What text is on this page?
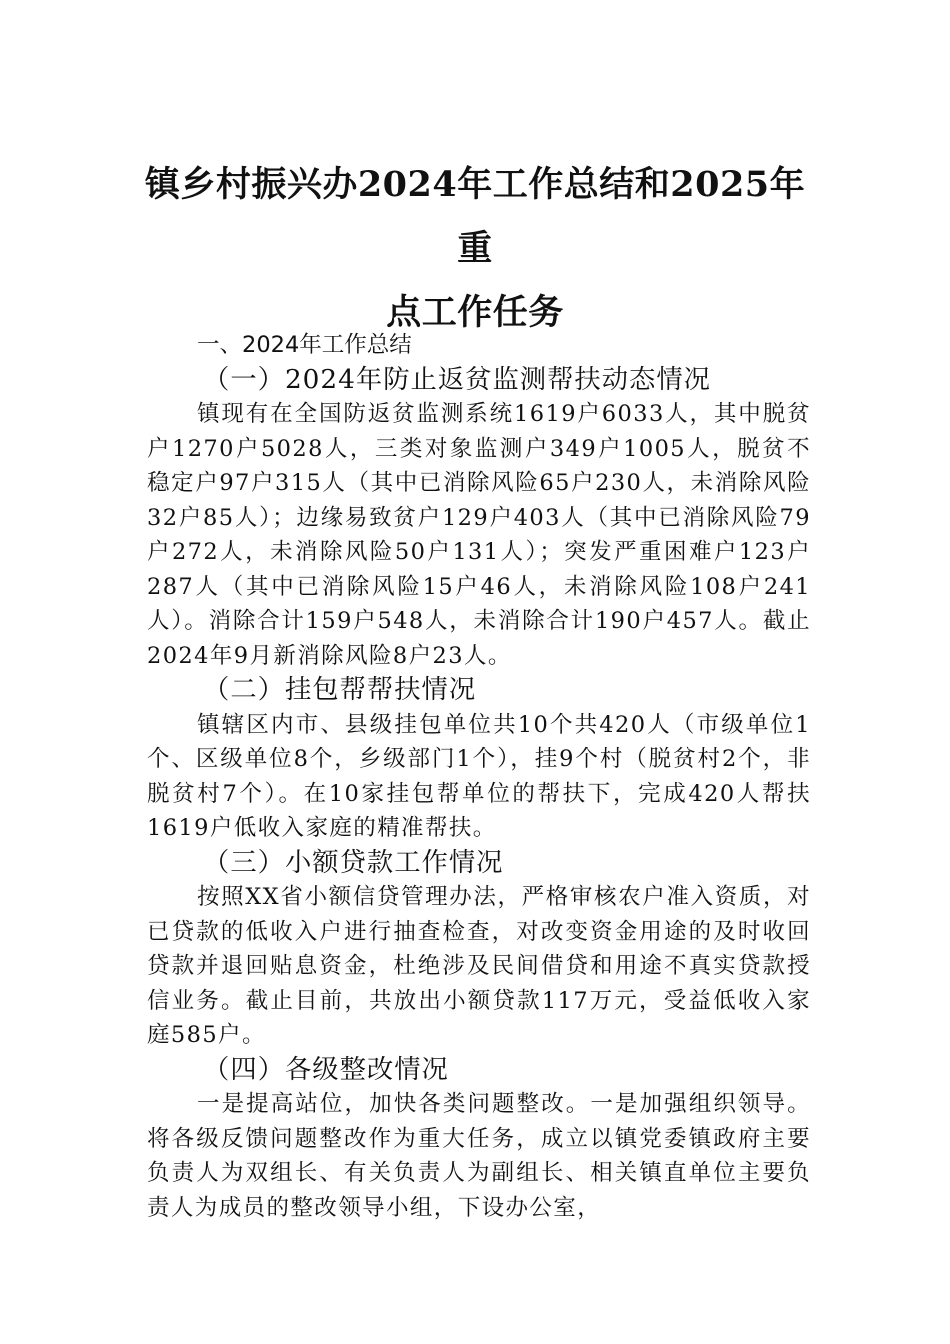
镇乡村振兴办2024年工作总结和2025年重
点工作任务
一、2024年工作总结
（一）2024年防止返贫监测帮扶动态情况

镇现有在全国防返贫监测系统1619户6033人，其中脱贫户1270户5028人，三类对象监测户349户1005人，脱贫不稳定户97户315人（其中已消除风险65户230人，未消除风险32户85人）；边缘易致贫户129户403人（其中已消除风险79户272人，未消除风险50户131人）；突发严重困难户123户287人（其中已消除风险15户46人，未消除风险108户241人）。消除合计159户548人，未消除合计190户457人。截止2024年9月新消除风险8户23人。

（二）挂包帮帮扶情况

镇辖区内市、县级挂包单位共10个共420人（市级单位1个、区级单位8个，乡级部门1个），挂9个村（脱贫村2个，非脱贫村7个）。在10家挂包帮单位的帮扶下，完成420人帮扶1619户低收入家庭的精准帮扶。

（三）小额贷款工作情况

按照XX省小额信贷管理办法，严格审核农户准入资质，对已贷款的低收入户进行抽查检查，对改变资金用途的及时收回贷款并退回贴息资金，杜绝涉及民间借贷和用途不真实贷款授信业务。截止目前，共放出小额贷款117万元，受益低收入家庭585户。

（四）各级整改情况

一是提高站位，加快各类问题整改。一是加强组织领导。将各级反馈问题整改作为重大任务，成立以镇党委镇政府主要负责人为双组长、有关负责人为副组长、相关镇直单位主要负责人为成员的整改领导小组，下设办公室，
